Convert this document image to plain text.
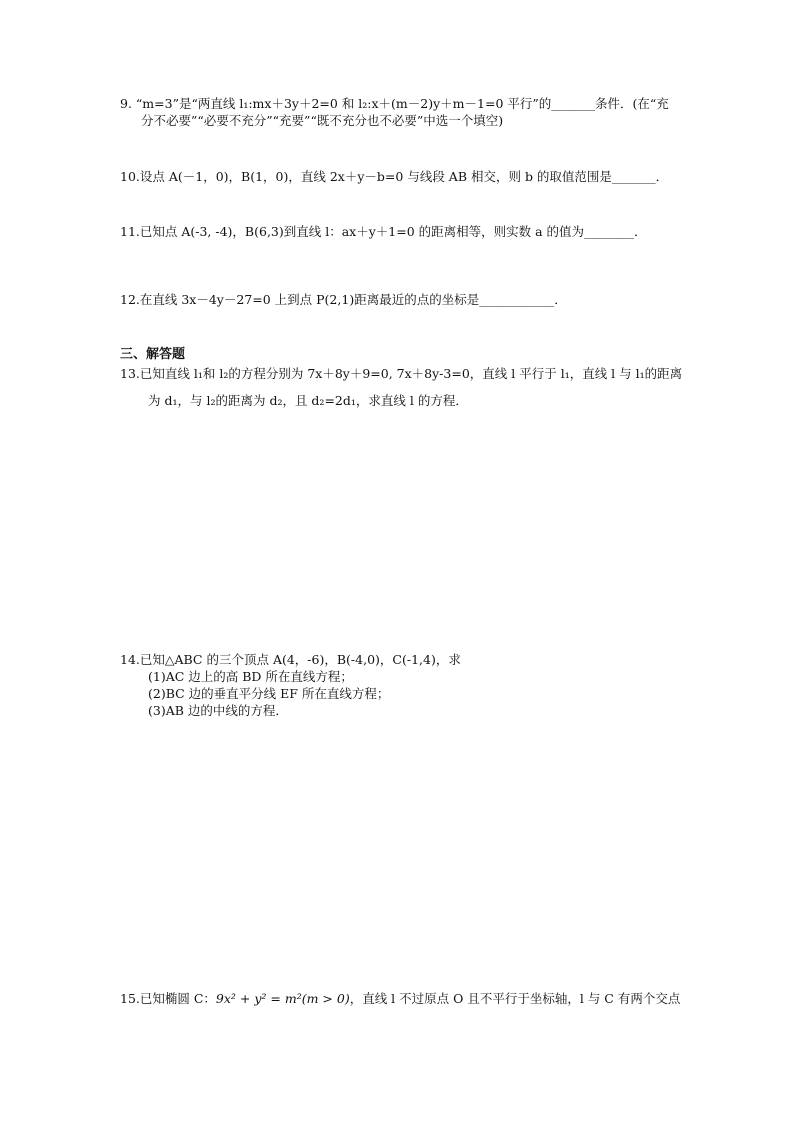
9. “m=3”是“两直线 l₁:mx＋3y＋2=0 和 l₂:x＋(m－2)y＋m－1=0 平行”的_______条件．(在“充
分不必要”“必要不充分”“充要”“既不充分也不必要”中选一个填空)
10.设点 A(－1，0)，B(1，0)，直线 2x＋y－b=0 与线段 AB 相交，则 b 的取值范围是_______．
11.已知点 A(-3, -4)，B(6,3)到直线 l：ax＋y＋1=0 的距离相等，则实数 a 的值为________．
12.在直线 3x－4y－27=0 上到点 P(2,1)距离最近的点的坐标是____________．
三、解答题
13.已知直线 l₁和 l₂的方程分别为 7x＋8y＋9=0, 7x＋8y-3=0，直线 l 平行于 l₁，直线 l 与 l₁的距离
为 d₁，与 l₂的距离为 d₂，且 d₂=2d₁，求直线 l 的方程．
14.已知△ABC 的三个顶点 A(4，-6)，B(-4,0)，C(-1,4)，求
(1)AC 边上的高 BD 所在直线方程；
(2)BC 边的垂直平分线 EF 所在直线方程；
(3)AB 边的中线的方程．
15.已知椭圆 C：9x² + y² = m²(m > 0)，直线 l 不过原点 O 且不平行于坐标轴，l 与 C 有两个交点
